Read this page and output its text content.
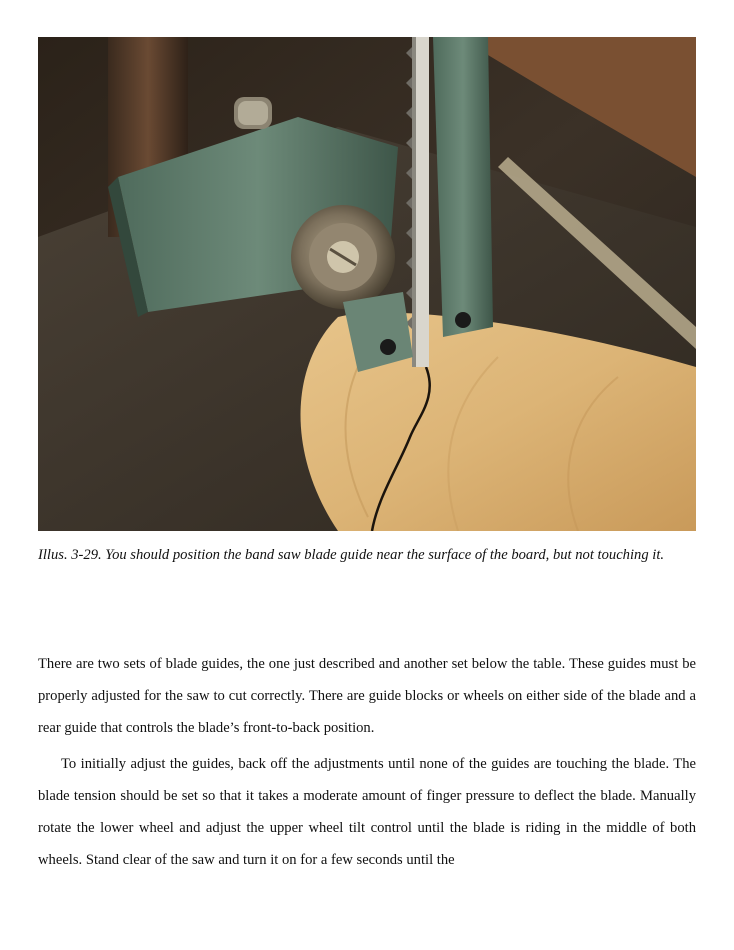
Illus. 3-29. You should position the band saw blade guide near the surface of the board, but not touching it.

There are two sets of blade guides, the one just described and another set below the table. These guides must be properly adjusted for the saw to cut correctly. There are guide blocks or wheels on either side of the blade and a rear guide that controls the blade’s front-to-back position.

To initially adjust the guides, back off the adjustments until none of the guides are touching the blade. The blade tension should be set so that it takes a moderate amount of finger pressure to deflect the blade. Manually rotate the lower wheel and adjust the upper wheel tilt control until the blade is riding in the middle of both wheels. Stand clear of the saw and turn it on for a few seconds until the
